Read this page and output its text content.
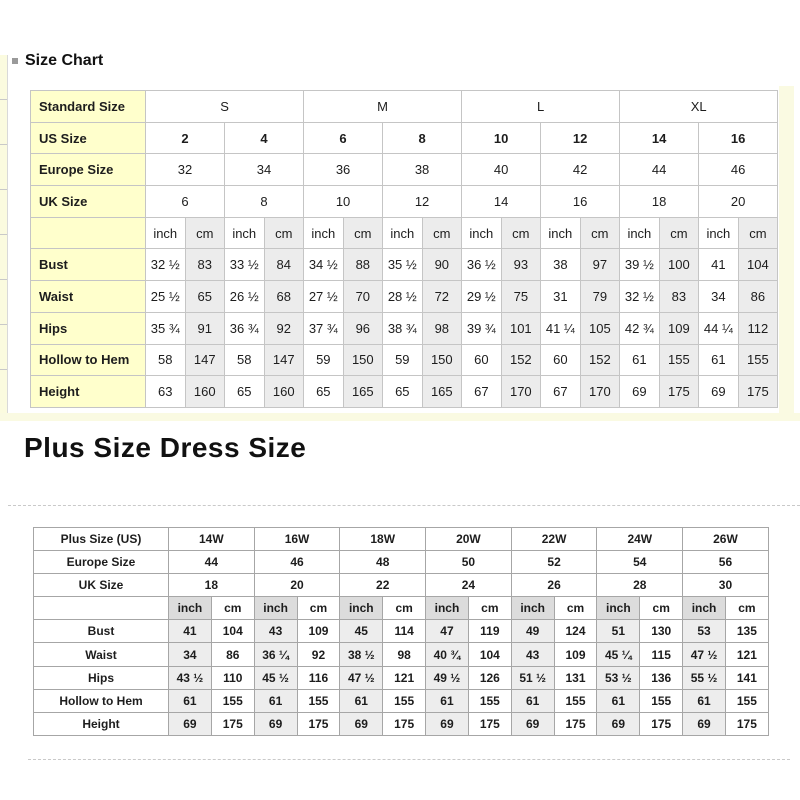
Size Chart
Standard Size	S				M				L				XL			
US Size	2		4		6		8		10		12		14		16	
Europe Size	32		34		36		38		40		42		44		46	
UK Size	6		8		10		12		14		16		18		20	
	inch	cm	inch	cm	inch	cm	inch	cm	inch	cm	inch	cm	inch	cm	inch	cm
Bust	32 ½	83	33 ½	84	34 ½	88	35 ½	90	36 ½	93	38	97	39 ½	100	41	104
Waist	25 ½	65	26 ½	68	27 ½	70	28 ½	72	29 ½	75	31	79	32 ½	83	34	86
Hips	35 ¾	91	36 ¾	92	37 ¾	96	38 ¾	98	39 ¾	101	41 ¼	105	42 ¾	109	44 ¼	112
Hollow to Hem	58	147	58	147	59	150	59	150	60	152	60	152	61	155	61	155
Height	63	160	65	160	65	165	65	165	67	170	67	170	69	175	69	175
Plus Size Dress Size
Plus Size (US)	14W		16W		18W		20W		22W		24W		26W	
Europe Size	44		46		48		50		52		54		56	
UK Size	18		20		22		24		26		28		30	
	inch	cm	inch	cm	inch	cm	inch	cm	inch	cm	inch	cm	inch	cm
Bust	41	104	43	109	45	114	47	119	49	124	51	130	53	135
Waist	34	86	36 ¼	92	38 ½	98	40 ¾	104	43	109	45 ¼	115	47 ½	121
Hips	43 ½	110	45 ½	116	47 ½	121	49 ½	126	51 ½	131	53 ½	136	55 ½	141
Hollow to Hem	61	155	61	155	61	155	61	155	61	155	61	155	61	155
Height	69	175	69	175	69	175	69	175	69	175	69	175	69	175
